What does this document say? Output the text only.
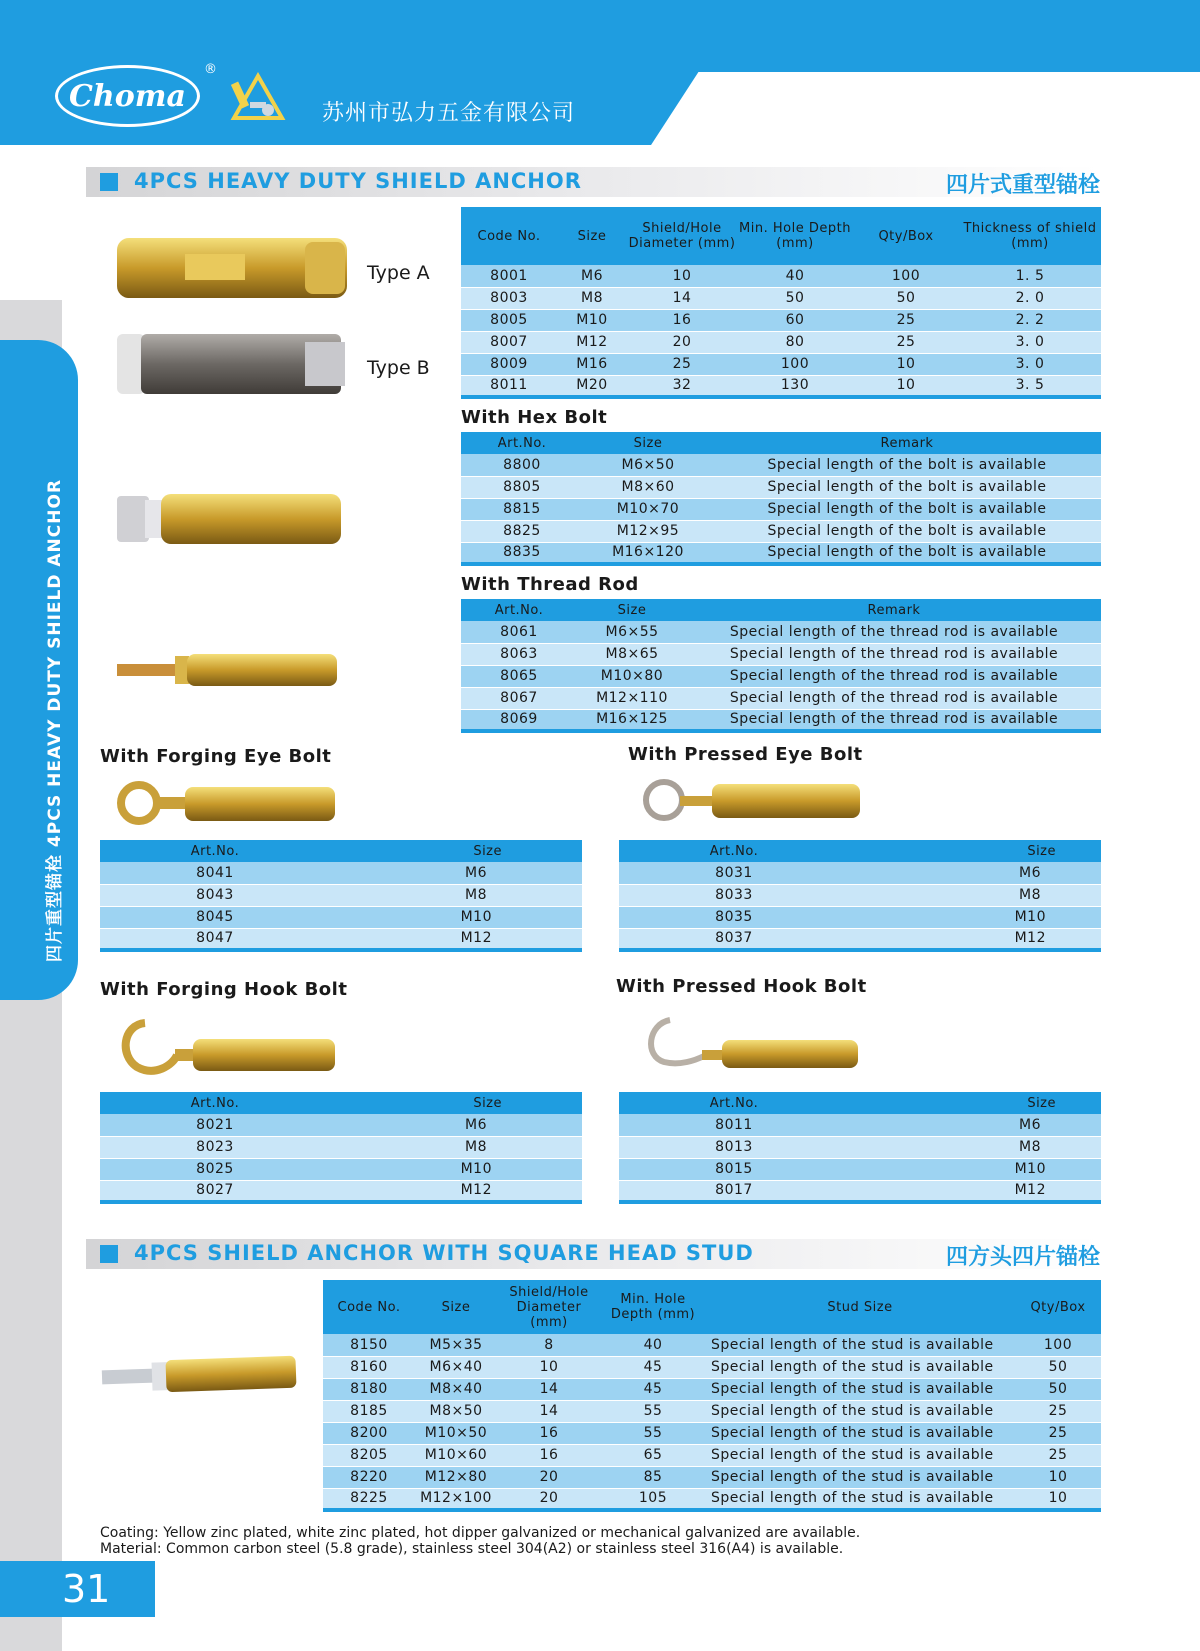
Choma
®
苏州市弘力五金有限公司
四片重型锚栓 4PCS HEAVY DUTY SHIELD ANCHOR
4PCS HEAVY DUTY SHIELD ANCHOR	四片式重型锚栓
Type A
Type B
Code No.	Size	Shield/Hole Diameter (mm)	Min. Hole Depth (mm)	Qty/Box	Thickness of shield (mm)
8001	M6	10	40	100	1. 5
8003	M8	14	50	50	2. 0
8005	M10	16	60	25	2. 2
8007	M12	20	80	25	3. 0
8009	M16	25	100	10	3. 0
8011	M20	32	130	10	3. 5
With Hex Bolt
Art.No.	Size	Remark
8800	M6×50	Special length of the bolt is available
8805	M8×60	Special length of the bolt is available
8815	M10×70	Special length of the bolt is available
8825	M12×95	Special length of the bolt is available
8835	M16×120	Special length of the bolt is available
With Thread Rod
Art.No.	Size	Remark
8061	M6×55	Special length of the thread rod is available
8063	M8×65	Special length of the thread rod is available
8065	M10×80	Special length of the thread rod is available
8067	M12×110	Special length of the thread rod is available
8069	M16×125	Special length of the thread rod is available
With Forging Eye Bolt	With Pressed Eye Bolt
Art.No.	Size
8041	M6
8043	M8
8045	M10
8047	M12
Art.No.	Size
8031	M6
8033	M8
8035	M10
8037	M12
With Forging Hook Bolt	With Pressed Hook Bolt
Art.No.	Size
8021	M6
8023	M8
8025	M10
8027	M12
Art.No.	Size
8011	M6
8013	M8
8015	M10
8017	M12
4PCS SHIELD ANCHOR WITH SQUARE HEAD STUD	四方头四片锚栓
Code No.	Size	Shield/Hole Diameter (mm)	Min. Hole Depth (mm)	Stud Size	Qty/Box
8150	M5×35	8	40	Special length of the stud is available	100
8160	M6×40	10	45	Special length of the stud is available	50
8180	M8×40	14	45	Special length of the stud is available	50
8185	M8×50	14	55	Special length of the stud is available	25
8200	M10×50	16	55	Special length of the stud is available	25
8205	M10×60	16	65	Special length of the stud is available	25
8220	M12×80	20	85	Special length of the stud is available	10
8225	M12×100	20	105	Special length of the stud is available	10
Coating: Yellow zinc plated, white zinc plated, hot dipper galvanized or mechanical galvanized are available.
Material: Common carbon steel (5.8 grade), stainless steel 304(A2) or stainless steel 316(A4) is available.
31
